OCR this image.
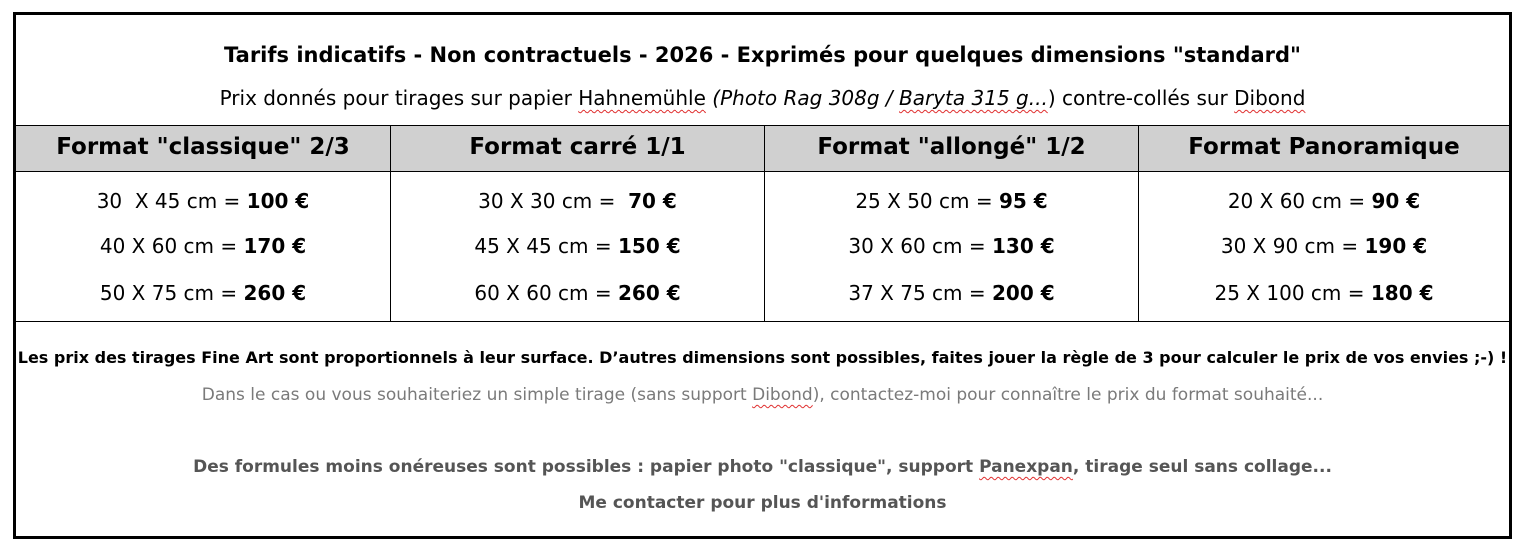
Tarifs indicatifs - Non contractuels - 2026 - Exprimés pour quelques dimensions "standard"
Prix donnés pour tirages sur papier Hahnemühle (Photo Rag 308g / Baryta 315 g...) contre-collés sur Dibond
Format "classique" 2/3
30  X 45 cm = 100 €
40 X 60 cm = 170 €
50 X 75 cm = 260 €
Format carré 1/1
30 X 30 cm =  70 €
45 X 45 cm = 150 €
60 X 60 cm = 260 €
Format "allongé" 1/2
25 X 50 cm = 95 €
30 X 60 cm = 130 €
37 X 75 cm = 200 €
Format Panoramique
20 X 60 cm = 90 €
30 X 90 cm = 190 €
25 X 100 cm = 180 €
Les prix des tirages Fine Art sont proportionnels à leur surface. D’autres dimensions sont possibles, faites jouer la règle de 3 pour calculer le prix de vos envies ;-) !
Dans le cas ou vous souhaiteriez un simple tirage (sans support Dibond), contactez-moi pour connaître le prix du format souhaité...
Des formules moins onéreuses sont possibles : papier photo "classique", support Panexpan, tirage seul sans collage...
Me contacter pour plus d'informations
